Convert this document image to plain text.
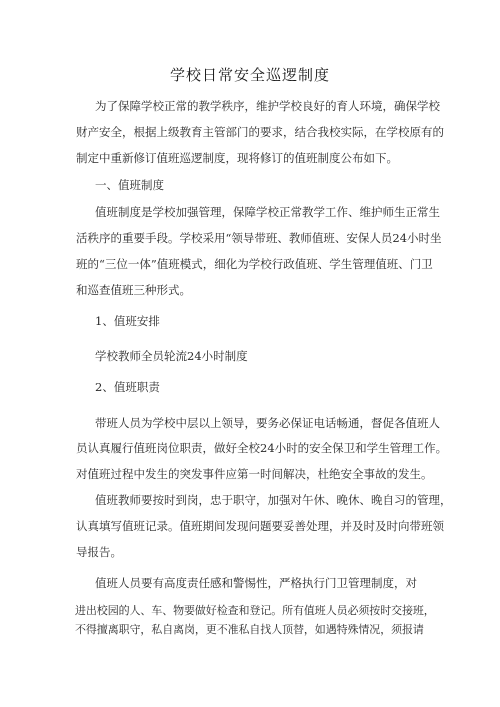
学校日常安全巡逻制度
为了保障学校正常的教学秩序，维护学校良好的育人环境，确保学校
财产安全，根据上级教育主管部门的要求，结合我校实际，在学校原有的
制定中重新修订值班巡逻制度，现将修订的值班制度公布如下。
一、值班制度
值班制度是学校加强管理，保障学校正常教学工作、维护师生正常生
活秩序的重要手段。学校采用“领导带班、教师值班、安保人员24小时坐
班的“三位一体”值班模式，细化为学校行政值班、学生管理值班、门卫
和巡查值班三种形式。
1、值班安排
学校教师全员轮流24小时制度
2、值班职责
带班人员为学校中层以上领导，要务必保证电话畅通，督促各值班人
员认真履行值班岗位职责，做好全校24小时的安全保卫和学生管理工作。
对值班过程中发生的突发事件应第一时间解决，杜绝安全事故的发生。
值班教师要按时到岗，忠于职守，加强对午休、晚休、晚自习的管理，
认真填写值班记录。值班期间发现问题要妥善处理，并及时及时向带班领
导报告。
值班人员要有高度责任感和警惕性，严格执行门卫管理制度，对
进出校园的人、车、物要做好检查和登记。所有值班人员必须按时交接班，
不得擅离职守，私自离岗，更不准私自找人顶替，如遇特殊情况，须报请
